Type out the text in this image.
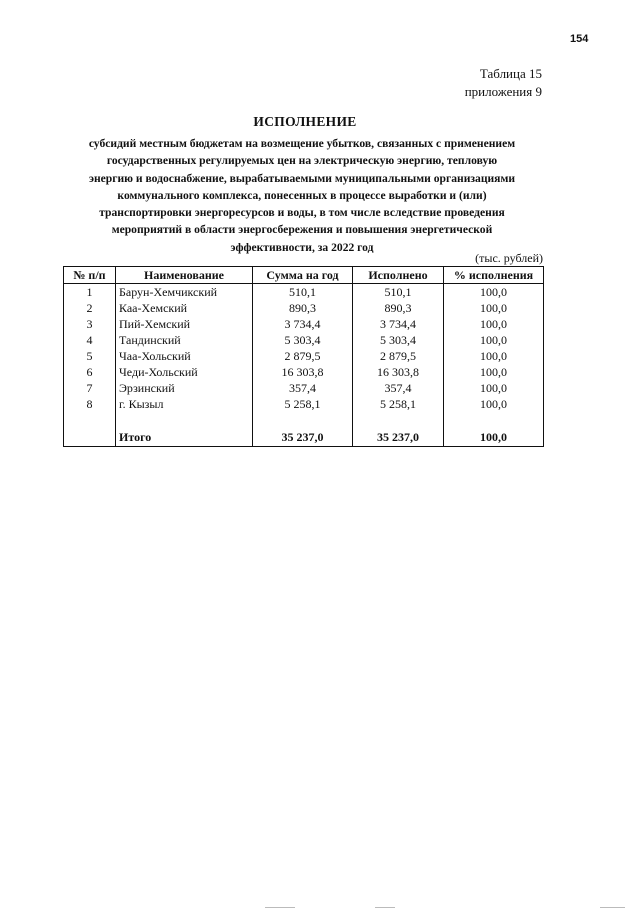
154
Таблица 15
приложения 9
ИСПОЛНЕНИЕ
субсидий местным бюджетам на возмещение убытков, связанных с применением
государственных регулируемых цен на электрическую энергию, тепловую
энергию и водоснабжение, вырабатываемыми муниципальными организациями
коммунального комплекса, понесенных в процессе выработки и (или)
транспортировки энергоресурсов и воды, в том числе вследствие проведения
мероприятий в области энергосбережения и повышения энергетической
эффективности, за 2022 год
(тыс. рублей)
№ п/п	Наименование	Сумма на год	Исполнено	% исполнения
1	Барун-Хемчикский	510,1	510,1	100,0
2	Каа-Хемский	890,3	890,3	100,0
3	Пий-Хемский	3 734,4	3 734,4	100,0
4	Тандинский	5 303,4	5 303,4	100,0
5	Чаа-Хольский	2 879,5	2 879,5	100,0
6	Чеди-Хольский	16 303,8	16 303,8	100,0
7	Эрзинский	357,4	357,4	100,0
8	г. Кызыл	5 258,1	5 258,1	100,0

	Итого	35 237,0	35 237,0	100,0
